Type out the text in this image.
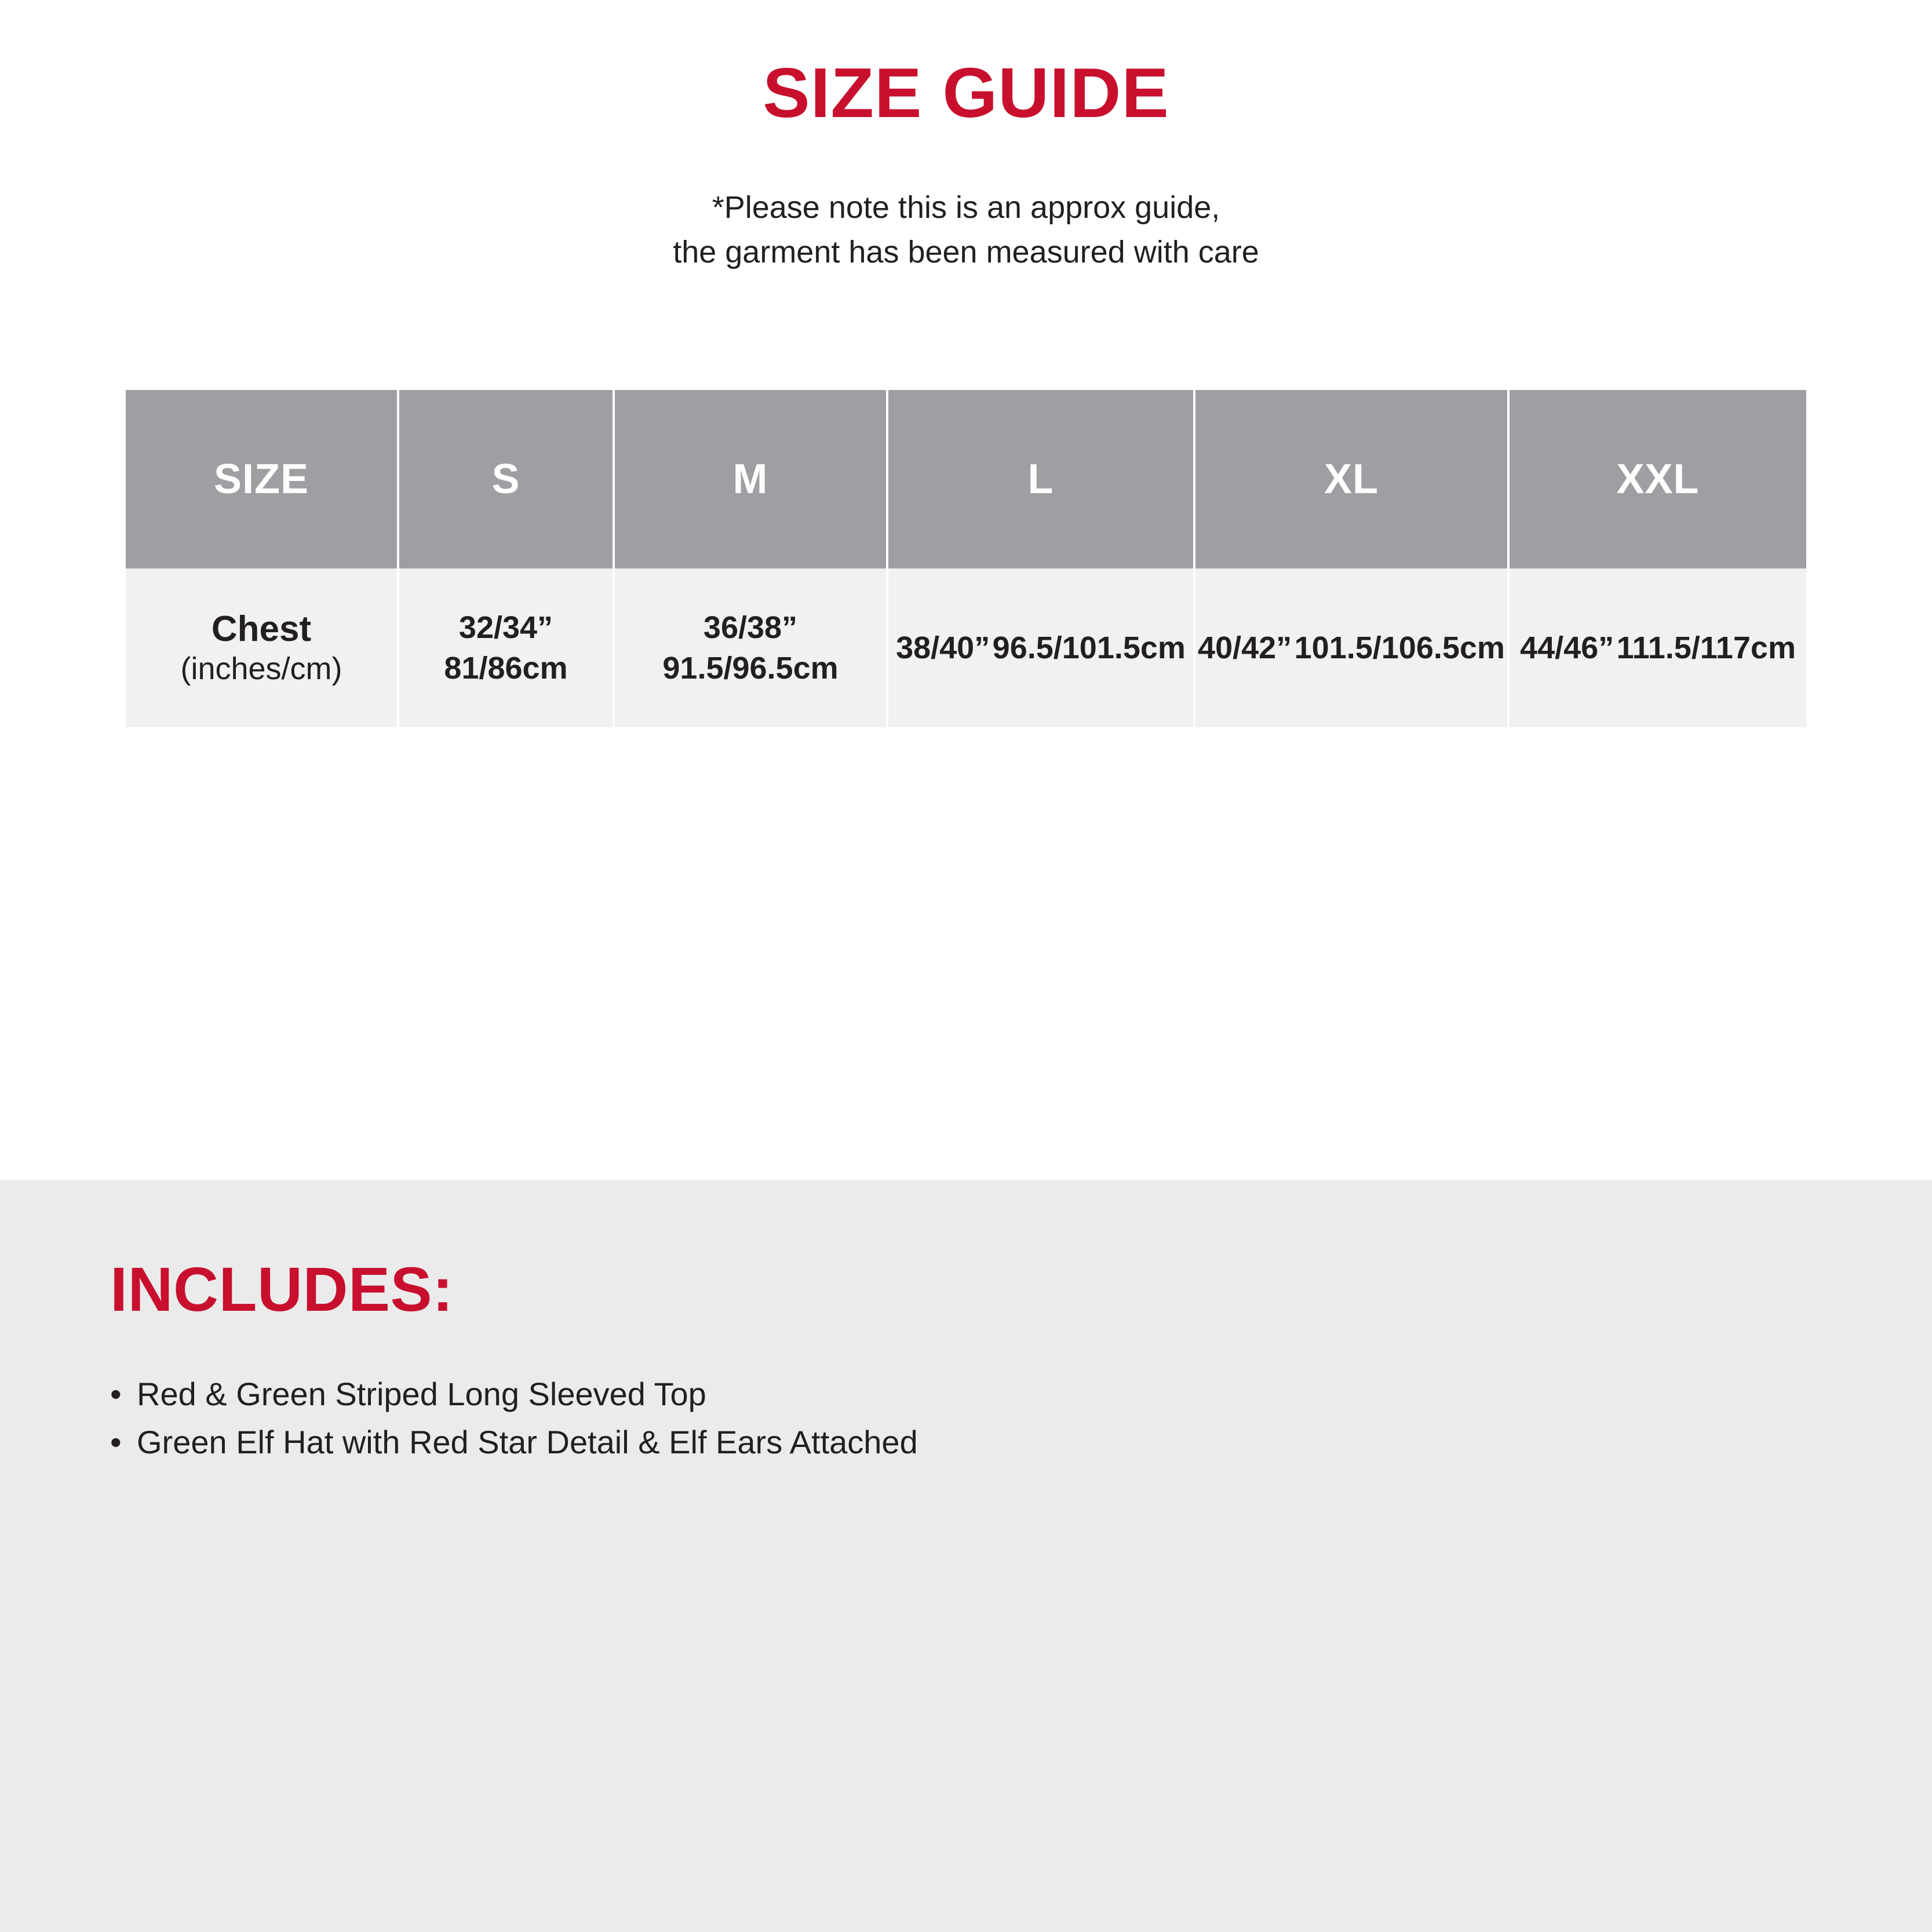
SIZE GUIDE

*Please note this is an approx guide,
the garment has been measured with care

SIZE	S	M	L	XL	XXL

Chest
(inches/cm)	32/34” 81/86cm	36/38” 91.5/96.5cm	38/40” 96.5/101.5cm	40/42” 101.5/106.5cm	44/46” 111.5/117cm
INCLUDES:
• Red & Green Striped Long Sleeved Top
• Green Elf Hat with Red Star Detail & Elf Ears Attached
